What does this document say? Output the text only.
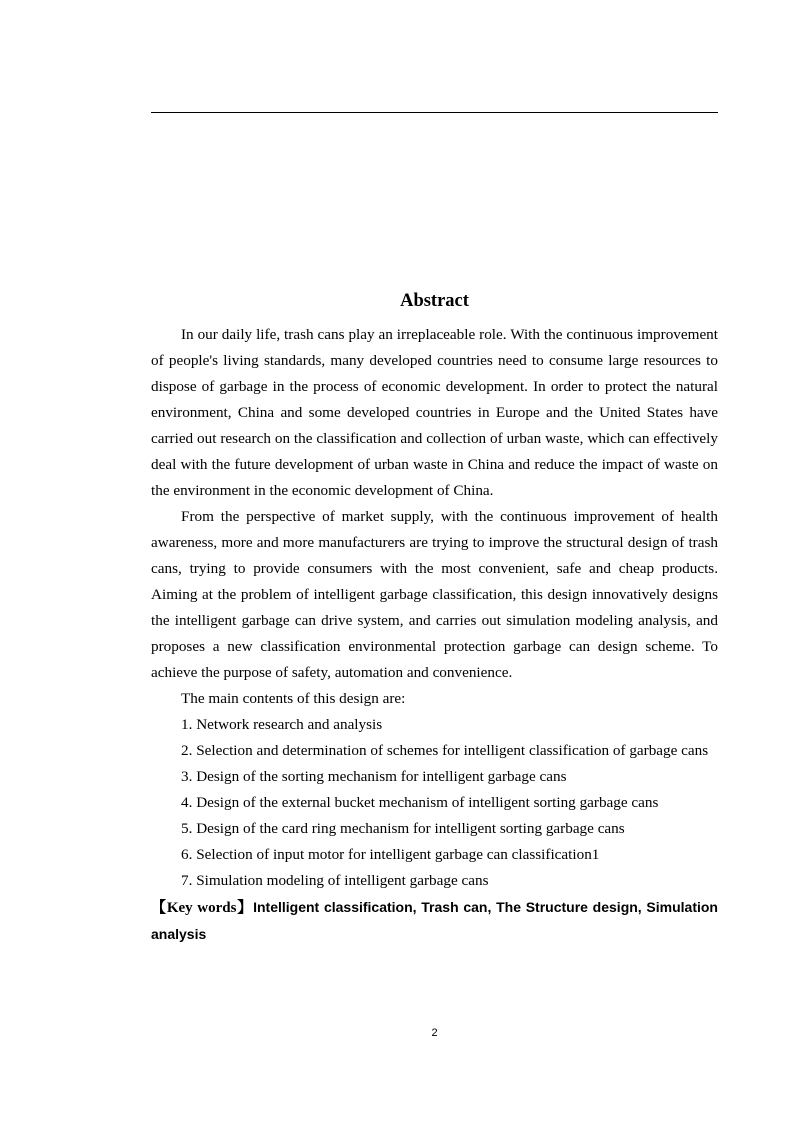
Abstract

In our daily life, trash cans play an irreplaceable role. With the continuous improvement of people's living standards, many developed countries need to consume large resources to dispose of garbage in the process of economic development. In order to protect the natural environment, China and some developed countries in Europe and the United States have carried out research on the classification and collection of urban waste, which can effectively deal with the future development of urban waste in China and reduce the impact of waste on the environment in the economic development of China.

From the perspective of market supply, with the continuous improvement of health awareness, more and more manufacturers are trying to improve the structural design of trash cans, trying to provide consumers with the most convenient, safe and cheap products. Aiming at the problem of intelligent garbage classification, this design innovatively designs the intelligent garbage can drive system, and carries out simulation modeling analysis, and proposes a new classification environmental protection garbage can design scheme. To achieve the purpose of safety, automation and convenience.

The main contents of this design are:

1. Network research and analysis

2. Selection and determination of schemes for intelligent classification of garbage cans

3. Design of the sorting mechanism for intelligent garbage cans

4. Design of the external bucket mechanism of intelligent sorting garbage cans

5. Design of the card ring mechanism for intelligent sorting garbage cans

6. Selection of input motor for intelligent garbage can classification1

7. Simulation modeling of intelligent garbage cans

【Key words】Intelligent classification, Trash can, The Structure design, Simulation analysis

2
